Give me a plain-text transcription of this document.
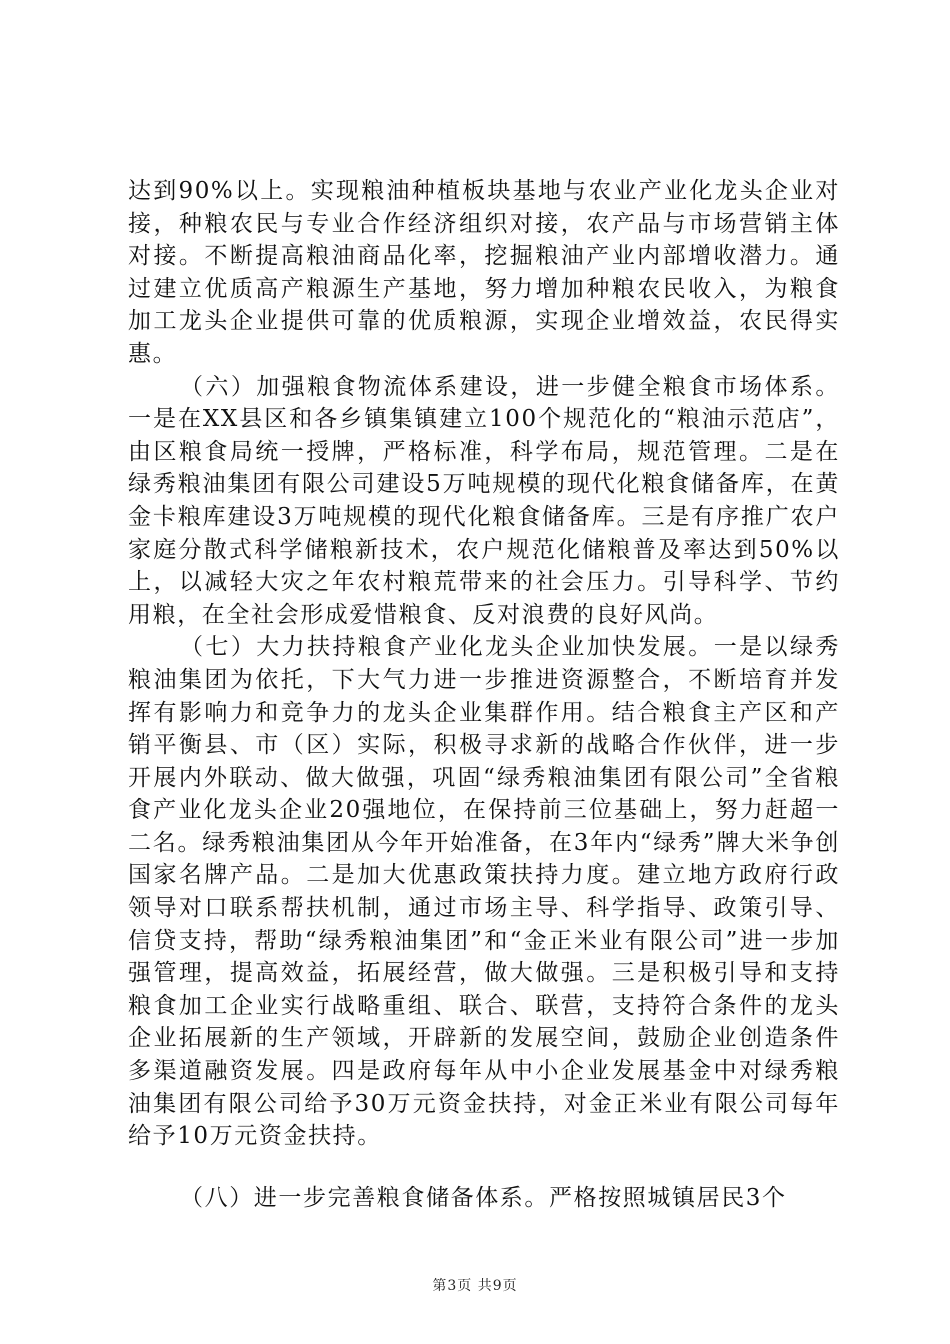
达到90%以上。实现粮油种植板块基地与农业产业化龙头企业对接，种粮农民与专业合作经济组织对接，农产品与市场营销主体对接。不断提高粮油商品化率，挖掘粮油产业内部增收潜力。通过建立优质高产粮源生产基地，努力增加种粮农民收入，为粮食加工龙头企业提供可靠的优质粮源，实现企业增效益，农民得实惠。

（六）加强粮食物流体系建设，进一步健全粮食市场体系。一是在XX县区和各乡镇集镇建立100个规范化的“粮油示范店”，由区粮食局统一授牌，严格标准，科学布局，规范管理。二是在绿秀粮油集团有限公司建设5万吨规模的现代化粮食储备库，在黄金卡粮库建设3万吨规模的现代化粮食储备库。三是有序推广农户家庭分散式科学储粮新技术，农户规范化储粮普及率达到50%以上，以减轻大灾之年农村粮荒带来的社会压力。引导科学、节约用粮，在全社会形成爱惜粮食、反对浪费的良好风尚。

（七）大力扶持粮食产业化龙头企业加快发展。一是以绿秀粮油集团为依托，下大气力进一步推进资源整合，不断培育并发挥有影响力和竞争力的龙头企业集群作用。结合粮食主产区和产销平衡县、市（区）实际，积极寻求新的战略合作伙伴，进一步开展内外联动、做大做强，巩固“绿秀粮油集团有限公司”全省粮食产业化龙头企业20强地位，在保持前三位基础上，努力赶超一二名。绿秀粮油集团从今年开始准备，在3年内“绿秀”牌大米争创国家名牌产品。二是加大优惠政策扶持力度。建立地方政府行政领导对口联系帮扶机制，通过市场主导、科学指导、政策引导、信贷支持，帮助“绿秀粮油集团”和“金正米业有限公司”进一步加强管理，提高效益，拓展经营，做大做强。三是积极引导和支持粮食加工企业实行战略重组、联合、联营，支持符合条件的龙头企业拓展新的生产领域，开辟新的发展空间，鼓励企业创造条件多渠道融资发展。四是政府每年从中小企业发展基金中对绿秀粮油集团有限公司给予30万元资金扶持，对金正米业有限公司每年给予10万元资金扶持。

（八）进一步完善粮食储备体系。严格按照城镇居民3个

第3页 共9页
